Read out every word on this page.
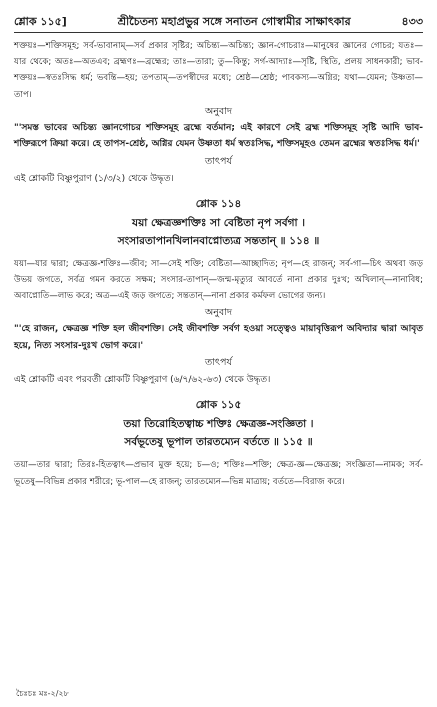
শ্লোক ১১৫]	শ্রীচৈতন্য মহাপ্রভুর সঙ্গে সনাতন গোস্বামীর সাক্ষাৎকার	৪৩৩

শক্তয়ঃ—শক্তিসমূহ; সর্ব-ভাবানাম্—সর্ব প্রকার সৃষ্টির; অচিন্ত্য—অচিন্ত্য; জ্ঞান-গোচরাঃ—মানুষের জ্ঞানের গোচর; যতঃ—যার থেকে; অতঃ—অতএব; ব্রহ্মণঃ—ব্রহ্মের; তাঃ—তারা; তু—কিন্তু; সর্গ-আদ্যাঃ—সৃষ্টি, স্থিতি, প্রলয় সাধনকারী; ভাব-শক্তয়ঃ—স্বতঃসিদ্ধ ধর্ম; ভবন্তি—হয়; তপতাম্—তপস্বীদের মধ্যে; শ্রেষ্ঠ—শ্রেষ্ঠ; পাবকস্য—অগ্নির; যথা—যেমন; উষ্ণতা—তাপ।

অনুবাদ

"'সমস্ত ভাবের অচিন্ত্য জ্ঞানগোচর শক্তিসমূহ ব্রহ্মে বর্তমান; এই কারণে সেই ব্রহ্ম শক্তিসমূহ সৃষ্টি আদি ভাব-শক্তিরূপে ক্রিয়া করে। হে তাপস-শ্রেষ্ঠ, অগ্নির যেমন উষ্ণতা ধর্ম স্বতঃসিদ্ধ, শক্তিসমূহও তেমন ব্রহ্মের স্বতঃসিদ্ধ ধর্ম।'

তাৎপর্য

এই শ্লোকটি বিষ্ণুপুরাণ (১/৩/২) থেকে উদ্ধৃত।

শ্লোক ১১৪
যয়া ক্ষেত্রজ্ঞশক্তিঃ সা বেষ্টিতা নৃপ সর্বগা ।
সংসারতাপানখিলানবাপ্নোত্যত্র সন্ততান্ ॥ ১১৪ ॥

যয়া—যার দ্বারা; ক্ষেত্রজ্ঞ-শক্তিঃ—জীব; সা—সেই শক্তি; বেষ্টিতা—আচ্ছাদিত; নৃপ—হে রাজন্; সর্ব-গা—চিৎ অথবা জড় উভয় জগতে, সর্বত্র গমন করতে সক্ষম; সংসার-তাপান্—জন্ম-মৃত্যুর আবর্তে নানা প্রকার দুঃখ; অখিলান্—নানাবিধ; অবাপ্নোতি—লাভ করে; অত্র—এই জড় জগতে; সন্ততান্—নানা প্রকার কর্মফল ভোগের জন্য।

অনুবাদ

"'হে রাজন, ক্ষেত্রজ্ঞ শক্তি হল জীবশক্তি। সেই জীবশক্তি সর্বগ হওয়া সত্ত্বেও মায়াবৃত্তিরূপ অবিদ্যার দ্বারা আবৃত হয়ে, নিত্য সংসার-দুঃখ ভোগ করে।'

তাৎপর্য

এই শ্লোকটি এবং পরবর্তী শ্লোকটি বিষ্ণুপুরাণ (৬/৭/৬২-৬৩) থেকে উদ্ধৃত।

শ্লোক ১১৫
তয়া তিরোহিতত্বাচ্চ শক্তিঃ ক্ষেত্রজ্ঞ-সংজ্ঞিতা ।
সর্বভূতেষু ভূপাল তারতম্যেন বর্ততে ॥ ১১৫ ॥

তয়া—তার দ্বারা; তিরঃ-হিতত্বাৎ—প্রভাব মুক্ত হয়ে; চ—ও; শক্তিঃ—শক্তি; ক্ষেত্র-জ্ঞ—ক্ষেত্রজ্ঞ; সংজ্ঞিতা—নামক; সর্ব-ভূতেষু—বিভিন্ন প্রকার শরীরে; ভূ-পাল—হে রাজন্; তারতম্যেন—ভিন্ন মাত্রায়; বর্ততে—বিরাজ করে।

চৈঃচঃ মঃ-২/২৮
